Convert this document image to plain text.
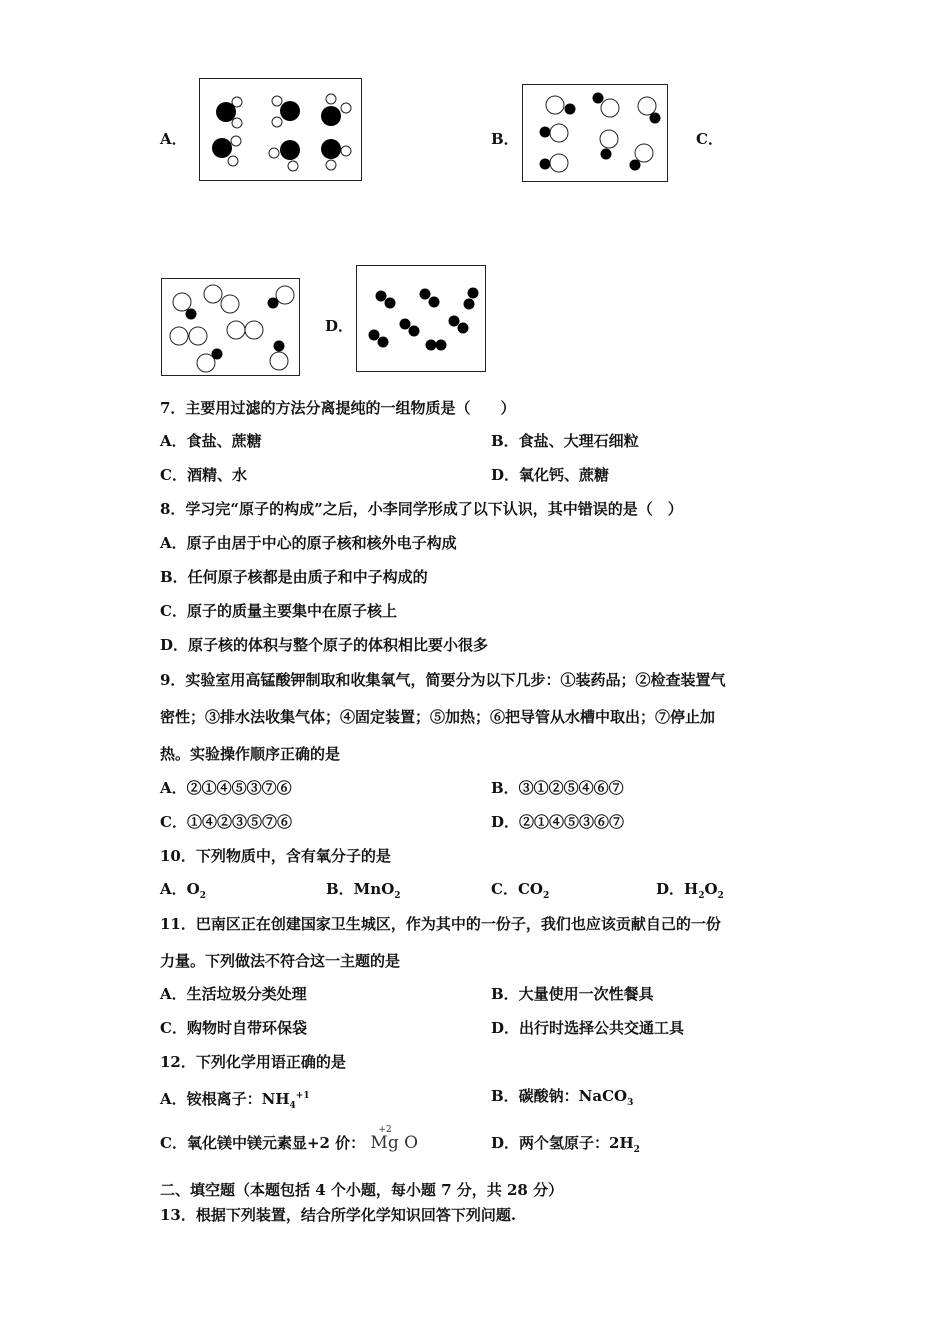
A．	B．	C．
D．
7．主要用过滤的方法分离提纯的一组物质是（　　）
A．食盐、蔗糖	B．食盐、大理石细粒
C．酒精、水	D．氧化钙、蔗糖
8．学习完“原子的构成”之后，小李同学形成了以下认识，其中错误的是（　）
A．原子由居于中心的原子核和核外电子构成
B．任何原子核都是由质子和中子构成的
C．原子的质量主要集中在原子核上
D．原子核的体积与整个原子的体积相比要小很多
9．实验室用高锰酸钾制取和收集氧气，简要分为以下几步：①装药品；②检查装置气
密性；③排水法收集气体；④固定装置；⑤加热；⑥把导管从水槽中取出；⑦停止加
热。实验操作顺序正确的是
A．②①④⑤③⑦⑥	B．③①②⑤④⑥⑦
C．①④②③⑤⑦⑥	D．②①④⑤③⑥⑦
10．下列物质中，含有氧分子的是
A．$O_2$	B．MnO$_2$	C．$CO_2$	D．$H_2O_2$
11．巴南区正在创建国家卫生城区，作为其中的一份子，我们也应该贡献自己的一份
力量。下列做法不符合这一主题的是
A．生活垃圾分类处理	B．大量使用一次性餐具
C．购物时自带环保袋	D．出行时选择公共交通工具
12．下列化学用语正确的是
A．铵根离子：$NH_4^{+1}$	B．碳酸钠：NaCO$_3$
C．氧化镁中镁元素显+2 价：
+2
Mg O	D．两个氢原子：$2H_2$
二、填空题（本题包括 4 个小题，每小题 7 分，共 28 分）
13．根据下列装置，结合所学化学知识回答下列问题.
